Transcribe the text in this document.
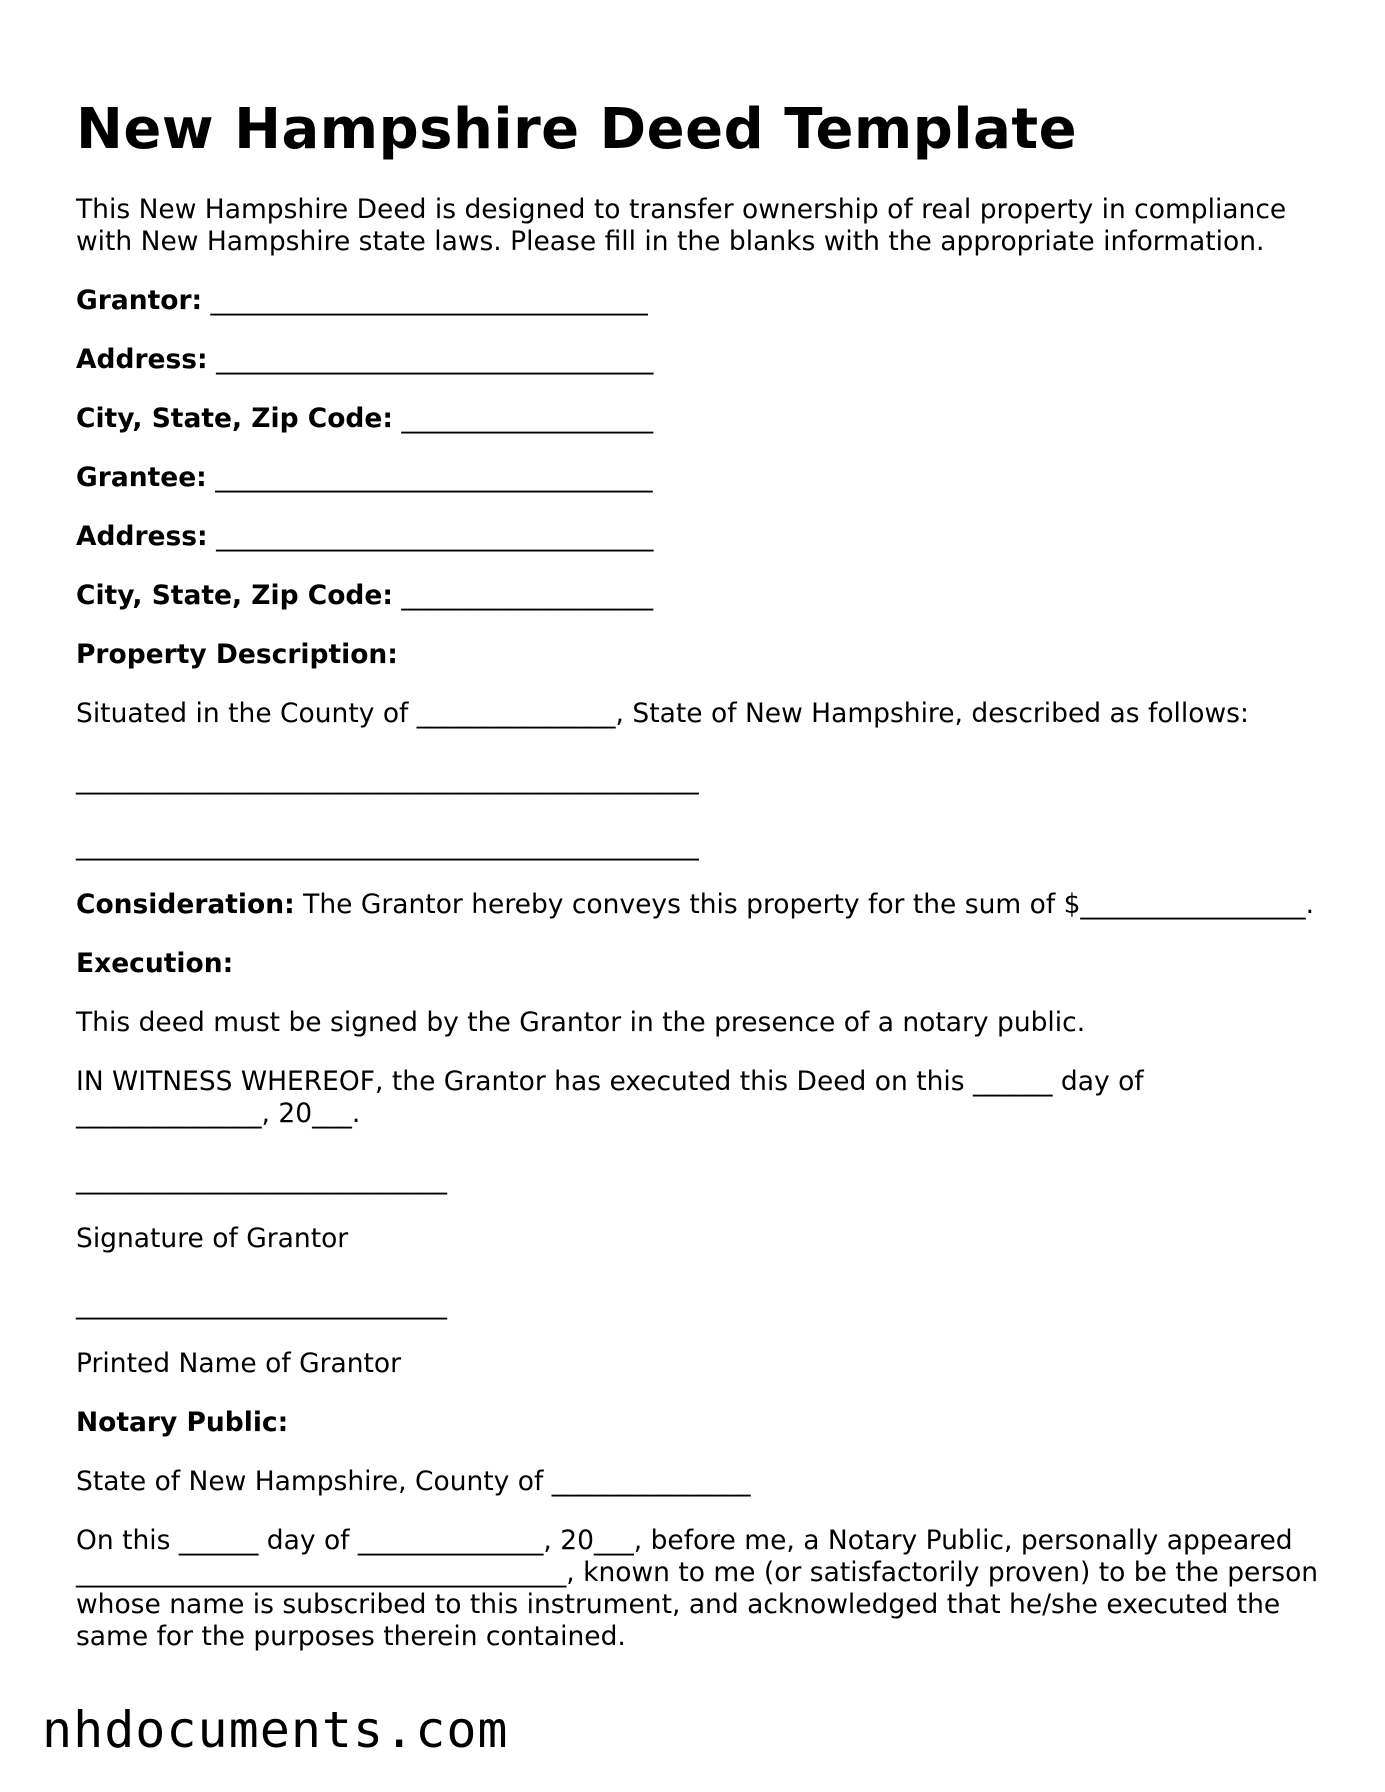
New Hampshire Deed Template

This New Hampshire Deed is designed to transfer ownership of real property in compliance with New Hampshire state laws. Please fill in the blanks with the appropriate information.

Grantor: _________________________________

Address: _________________________________

City, State, Zip Code: ___________________

Grantee: _________________________________

Address: _________________________________

City, State, Zip Code: ___________________

Property Description:

Situated in the County of _______________, State of New Hampshire, described as follows:

_______________________________________________

_______________________________________________

Consideration: The Grantor hereby conveys this property for the sum of $_________________.

Execution:

This deed must be signed by the Grantor in the presence of a notary public.

IN WITNESS WHEREOF, the Grantor has executed this Deed on this ______ day of ______________, 20___.

____________________________

Signature of Grantor

____________________________

Printed Name of Grantor

Notary Public:

State of New Hampshire, County of _______________

On this ______ day of ______________, 20___, before me, a Notary Public, personally appeared _____________________________________, known to me (or satisfactorily proven) to be the person whose name is subscribed to this instrument, and acknowledged that he/she executed the same for the purposes therein contained.

nhdocuments.com
